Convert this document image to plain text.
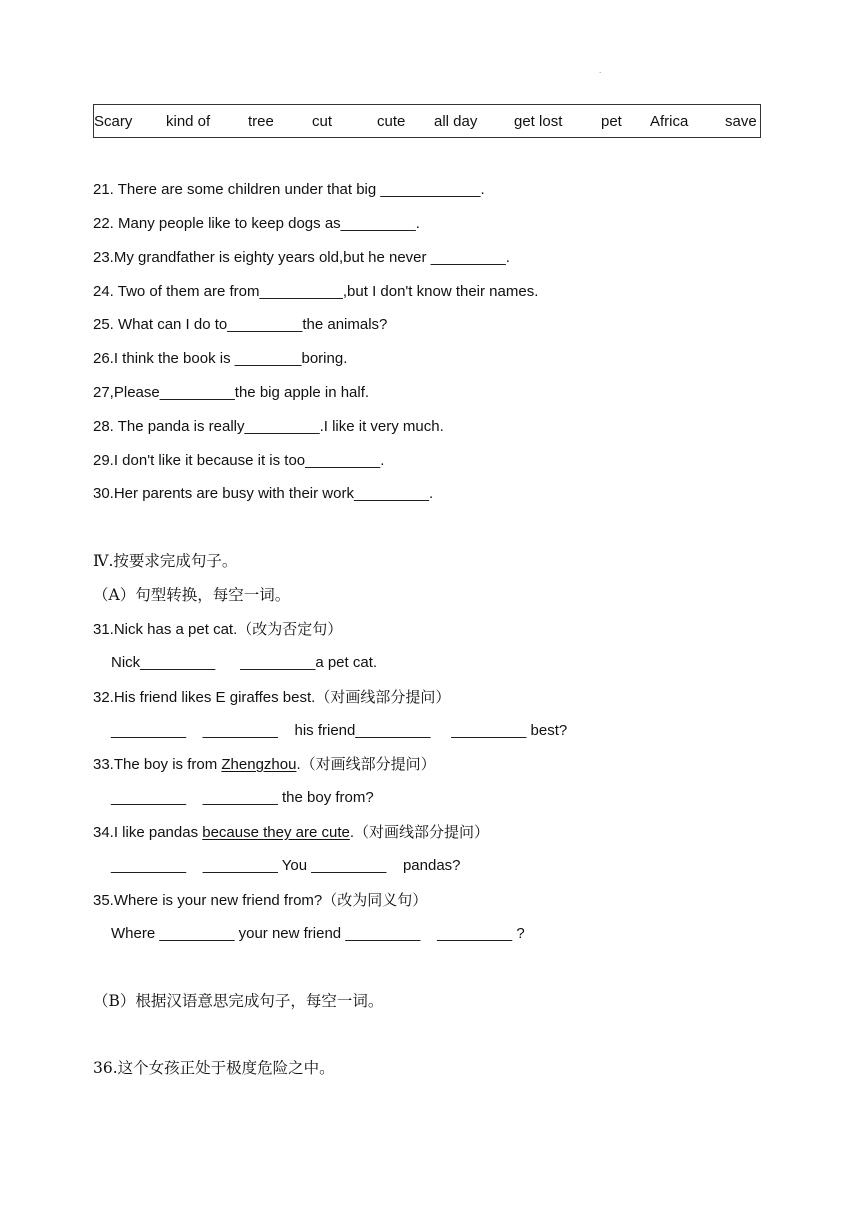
.
Scary kind of	tree	cut	cute all day get lost	pet Africa save
21. There are some children under that big ____________.
22. Many people like to keep dogs as_________.
23.My grandfather is eighty years old,but he never _________.
24. Two of them are from__________,but I don't know their names.
25. What can I do to_________the animals?
26.I think the book is ________boring.
27,Please_________the big apple in half.
28. The panda is really_________.I like it very much.
29.I don't like it because it is too_________.
30.Her parents are busy with their work_________.
Ⅳ.按要求完成句子。
（A）句型转换，每空一词。
31.Nick has a pet cat.（改为否定句）
Nick_________      _________a pet cat.
32.His friend likes E giraffes best.（对画线部分提问）
_________    _________    his friend_________     _________ best?
33.The boy is from Zhengzhou.（对画线部分提问）
_________    _________ the boy from?
34.I like pandas because they are cute.（对画线部分提问）
_________    _________ You _________    pandas?
35.Where is your new friend from?（改为同义句）
Where _________ your new friend _________    _________ ?
（B）根据汉语意思完成句子，每空一词。
36.这个女孩正处于极度危险之中。
